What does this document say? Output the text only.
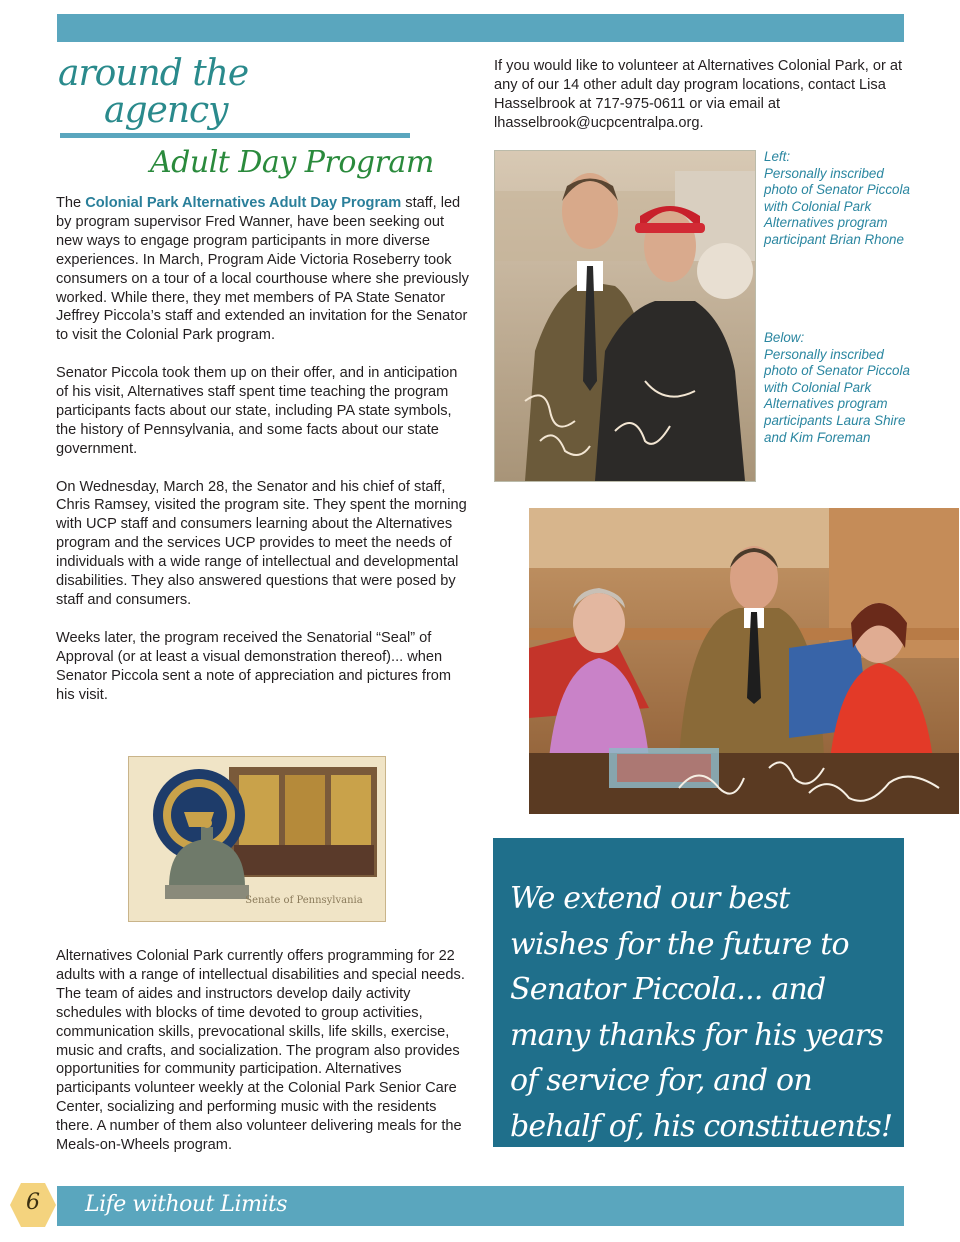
around the
agency
Adult Day Program

The Colonial Park Alternatives Adult Day Program staff, led by program supervisor Fred Wanner, have been seeking out new ways to engage program participants in more diverse experiences. In March, Program Aide Victoria Roseberry took consumers on a tour of a local courthouse where she previously worked. While there, they met members of PA State Senator Jeffrey Piccola’s staff and extended an invitation for the Senator to visit the Colonial Park program.

Senator Piccola took them up on their offer, and in anticipation of his visit, Alternatives staff spent time teaching the program participants facts about our state, including PA state symbols, the history of Pennsylvania, and some facts about our state government.

On Wednesday, March 28, the Senator and his chief of staff, Chris Ramsey, visited the program site. They spent the morning with UCP staff and consumers learning about the Alternatives program and the services UCP provides to meet the needs of individuals with a wide range of intellectual and developmental disabilities. They also answered questions that were posed by staff and consumers.

Weeks later, the program received the Senatorial “Seal” of Approval (or at least a visual demonstration thereof)... when Senator Piccola sent a note of appreciation and pictures from his visit.

If you would like to volunteer at Alternatives Colonial Park, or at any of our 14 other adult day program locations, contact Lisa Hasselbrook at 717-975-0611 or via email at lhasselbrook@ucpcentralpa.org.
Left:
Personally inscribed photo of Senator Piccola with Colonial Park Alternatives program participant Brian Rhone
Below:
Personally inscribed photo of Senator Piccola with Colonial Park Alternatives program participants Laura Shire and Kim Foreman
Senate of Pennsylvania

Alternatives Colonial Park currently offers programming for 22 adults with a range of intellectual disabilities and special needs. The team of aides and instructors develop daily activity schedules with blocks of time devoted to group activities, communication skills, prevocational skills, life skills, exercise, music and crafts, and socialization. The program also provides opportunities for community participation. Alternatives participants volunteer weekly at the Colonial Park Senior Care Center, socializing and performing music with the residents there. A number of them also volunteer delivering meals for the Meals-on-Wheels program.

We extend our best wishes for the future to Senator Piccola... and many thanks for his years of service for, and on behalf of, his constituents!
Life without Limits
6
